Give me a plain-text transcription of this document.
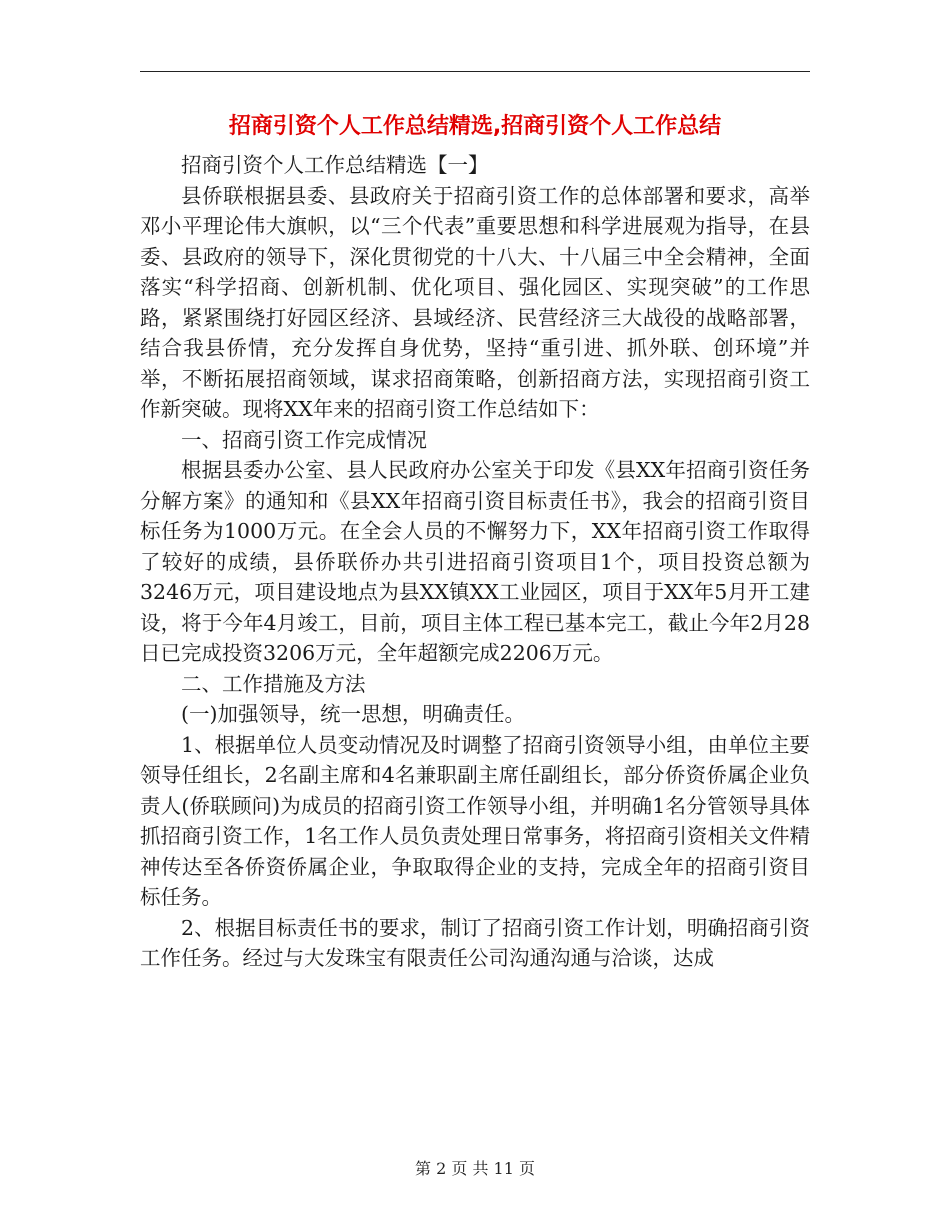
招商引资个人工作总结精选,招商引资个人工作总结

招商引资个人工作总结精选【一】

县侨联根据县委、县政府关于招商引资工作的总体部署和要求，高举邓小平理论伟大旗帜，以“三个代表”重要思想和科学进展观为指导，在县委、县政府的领导下，深化贯彻党的十八大、十八届三中全会精神，全面落实“科学招商、创新机制、优化项目、强化园区、实现突破”的工作思路，紧紧围绕打好园区经济、县域经济、民营经济三大战役的战略部署，结合我县侨情，充分发挥自身优势，坚持“重引进、抓外联、创环境”并举，不断拓展招商领域，谋求招商策略，创新招商方法，实现招商引资工作新突破。现将XX年来的招商引资工作总结如下：

一、招商引资工作完成情况

根据县委办公室、县人民政府办公室关于印发《县XX年招商引资任务分解方案》的通知和《县XX年招商引资目标责任书》，我会的招商引资目标任务为1000万元。在全会人员的不懈努力下，XX年招商引资工作取得了较好的成绩，县侨联侨办共引进招商引资项目1个，项目投资总额为3246万元，项目建设地点为县XX镇XX工业园区，项目于XX年5月开工建设，将于今年4月竣工，目前，项目主体工程已基本完工，截止今年2月28日已完成投资3206万元，全年超额完成2206万元。

二、工作措施及方法

(一)加强领导，统一思想，明确责任。

1、根据单位人员变动情况及时调整了招商引资领导小组，由单位主要领导任组长，2名副主席和4名兼职副主席任副组长，部分侨资侨属企业负责人(侨联顾问)为成员的招商引资工作领导小组，并明确1名分管领导具体抓招商引资工作，1名工作人员负责处理日常事务，将招商引资相关文件精神传达至各侨资侨属企业，争取取得企业的支持，完成全年的招商引资目标任务。

2、根据目标责任书的要求，制订了招商引资工作计划，明确招商引资工作任务。经过与大发珠宝有限责任公司沟通沟通与洽谈，达成

第 2 页 共 11 页
